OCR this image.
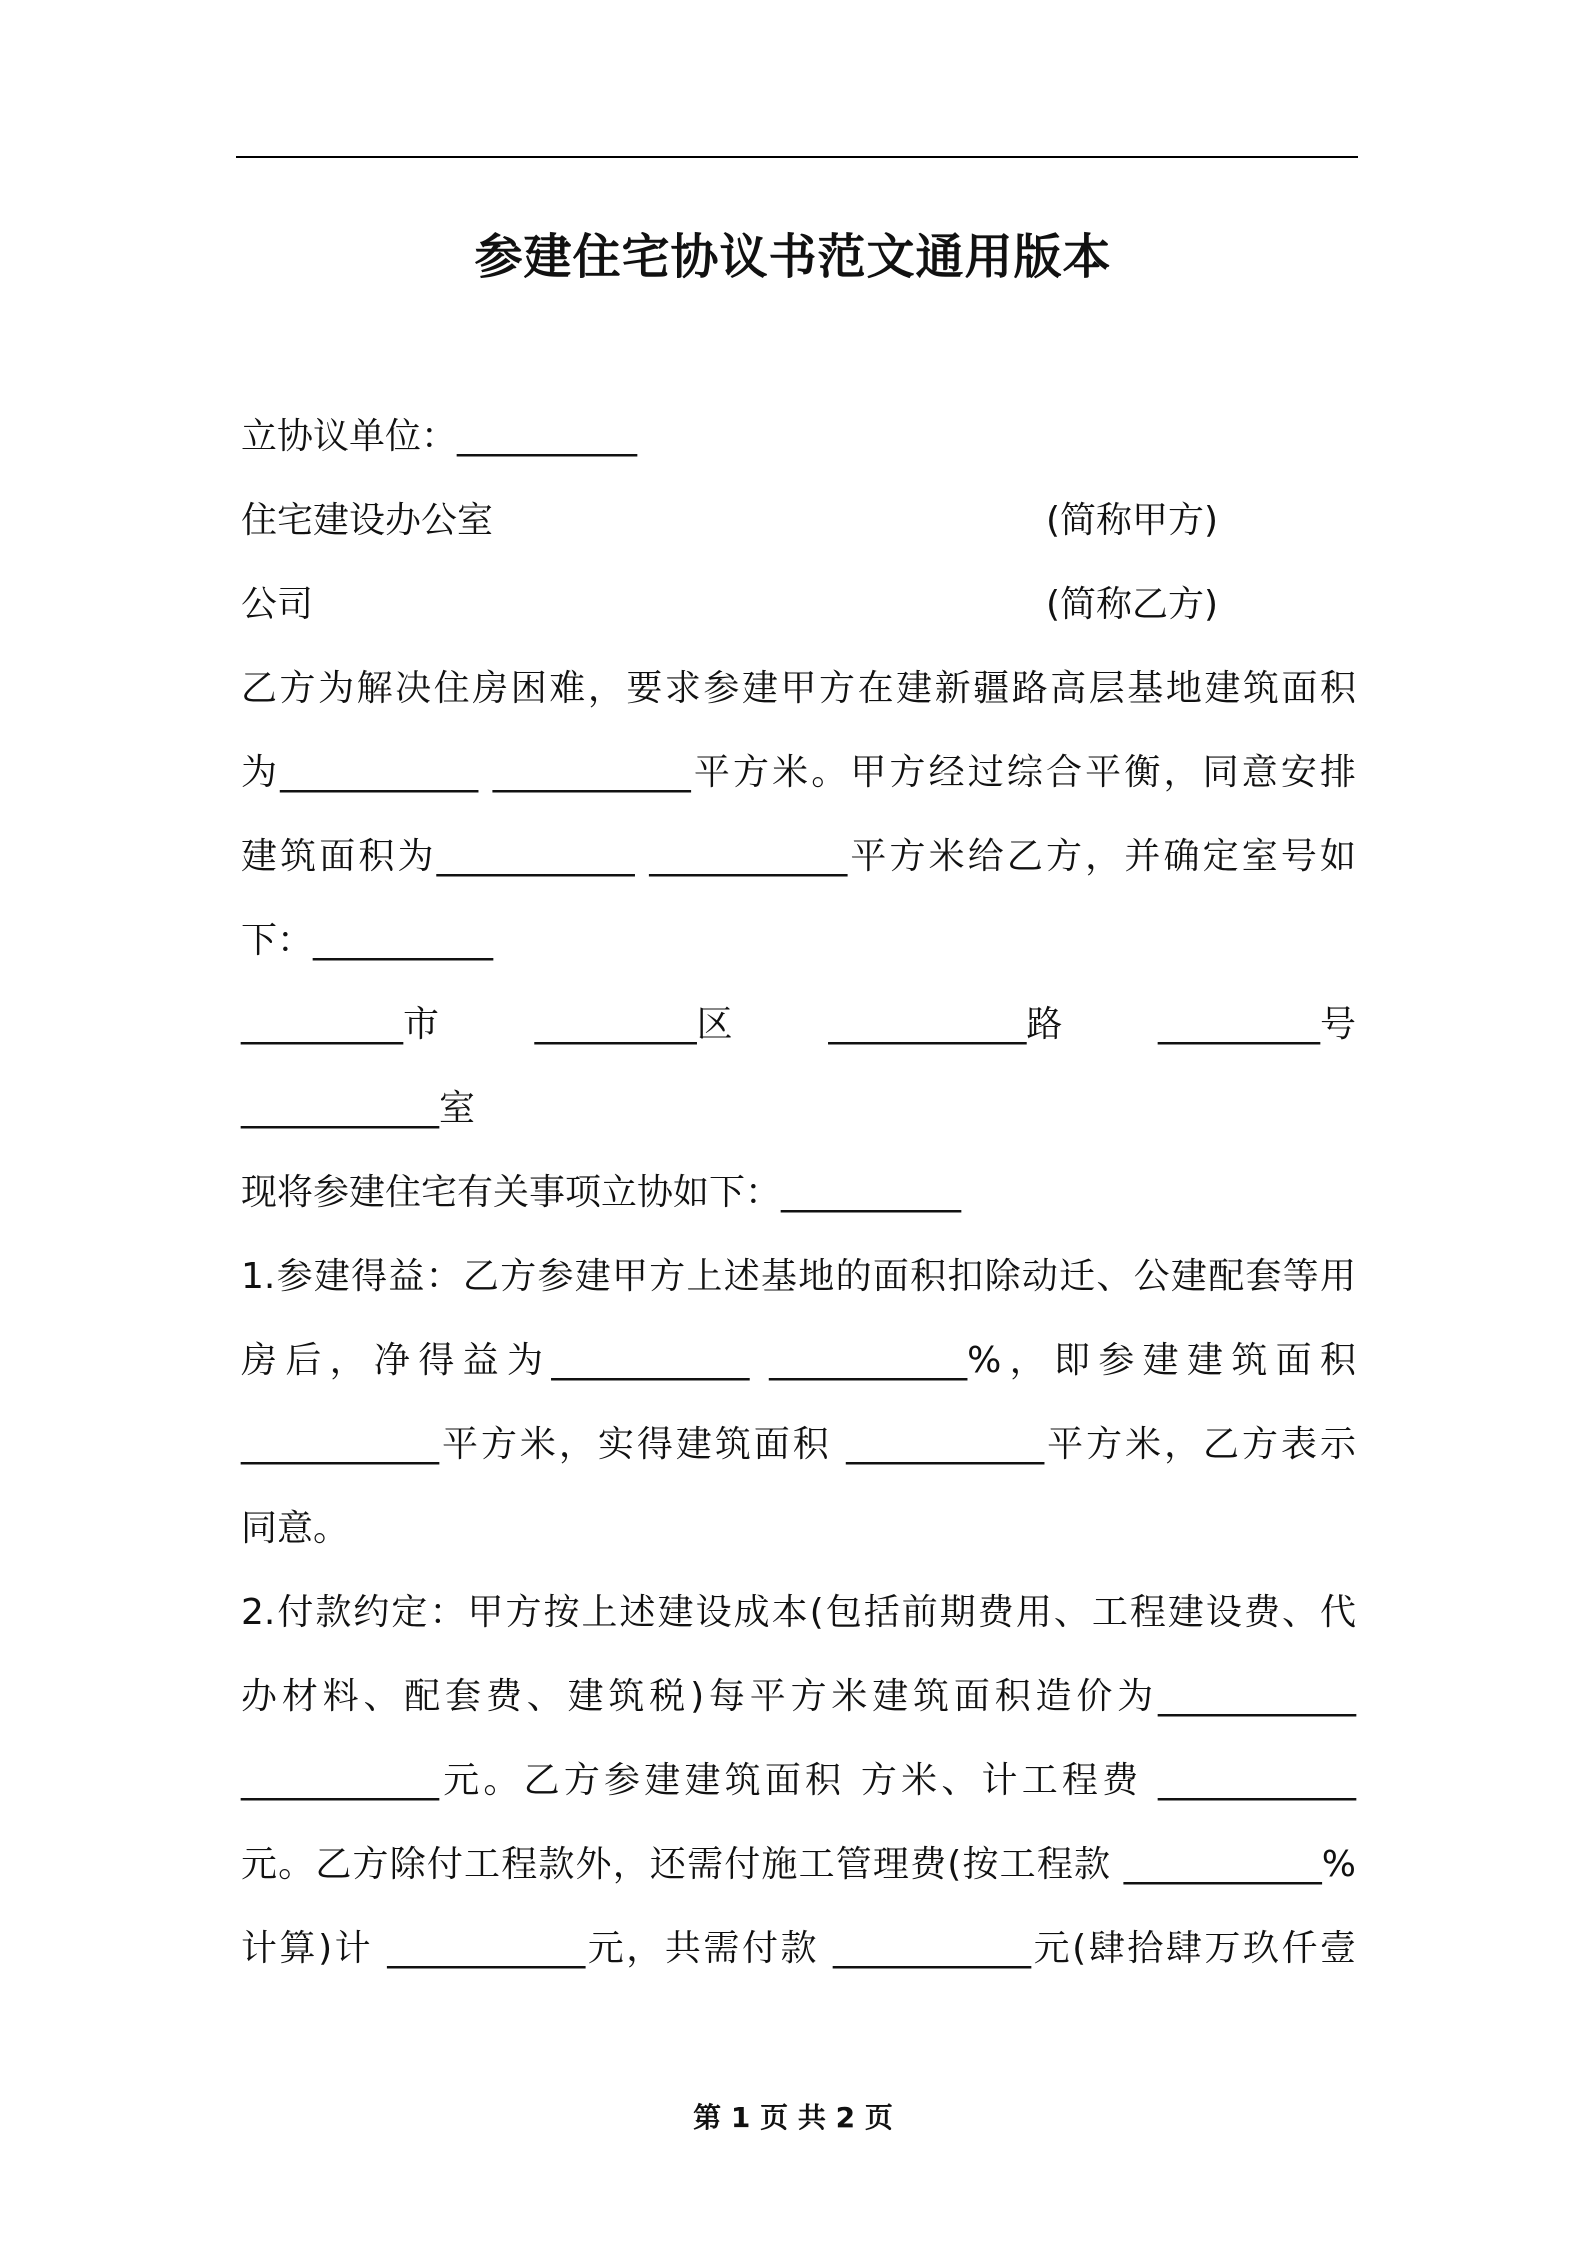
参建住宅协议书范文通用版本
立协议单位：__________
住宅建设办公室	(简称甲方)
公司	(简称乙方)
乙方为解决住房困难，要求参建甲方在建新疆路高层基地建筑面积
为___________ ___________平方米。甲方经过综合平衡，同意安排
建筑面积为___________ ___________平方米给乙方，并确定室号如
下：__________
_________市	_________区	___________路	_________号
___________室
现将参建住宅有关事项立协如下：__________
1.参建得益：乙方参建甲方上述基地的面积扣除动迁、公建配套等用
房后，净得益为___________ ___________%，即参建建筑面积
___________平方米，实得建筑面积 ___________平方米，乙方表示
同意。
2.付款约定：甲方按上述建设成本(包括前期费用、工程建设费、代
办材料、配套费、建筑税)每平方米建筑面积造价为___________
___________元。乙方参建建筑面积 方米、计工程费 ___________
元。乙方除付工程款外，还需付施工管理费(按工程款 ___________%
计算)计 ___________元，共需付款 ___________元(肆拾肆万玖仟壹
第 1 页 共 2 页
